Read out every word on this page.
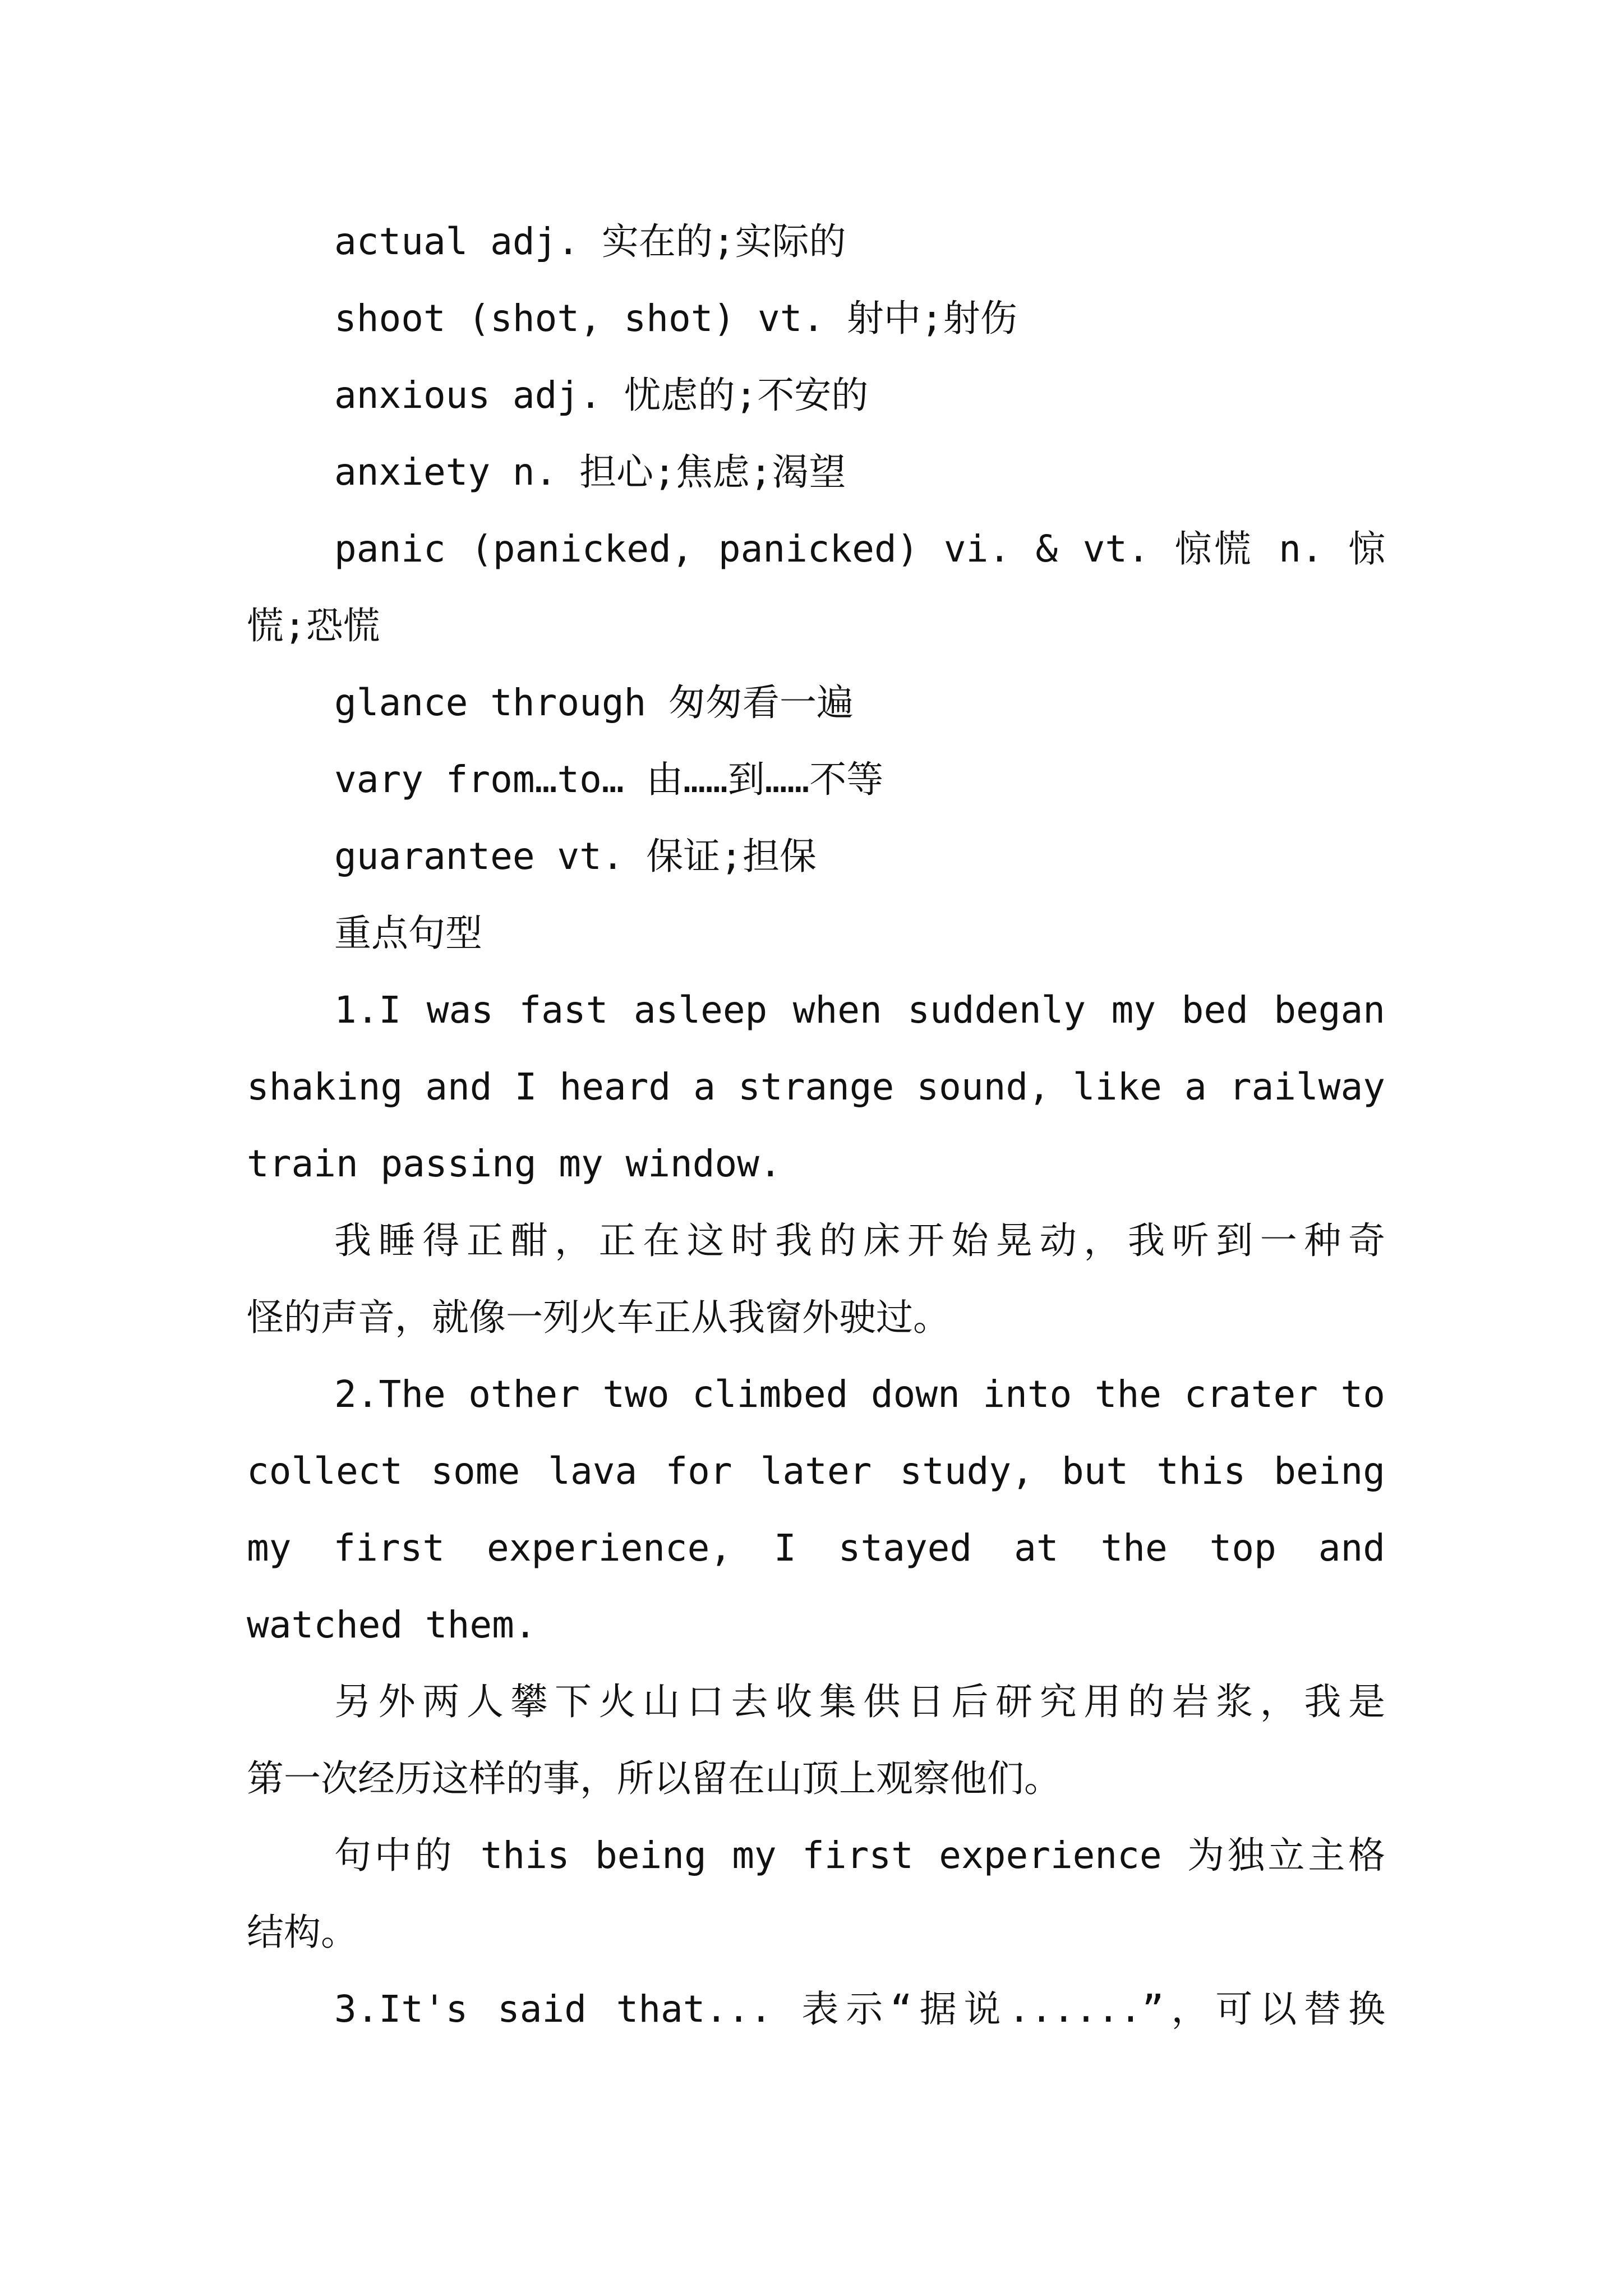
actual adj. 实在的;实际的
shoot (shot, shot) vt. 射中;射伤
anxious adj. 忧虑的;不安的
anxiety n. 担心;焦虑;渴望
panic (panicked, panicked) vi. & vt. 惊慌 n. 惊
慌;恐慌
glance through 匆匆看一遍
vary from…to… 由……到……不等
guarantee vt. 保证;担保
重点句型
1.I was fast asleep when suddenly my bed began
shaking and I heard a strange sound, like a railway
train passing my window.
我睡得正酣，正在这时我的床开始晃动，我听到一种奇
怪的声音，就像一列火车正从我窗外驶过。
2.The other two climbed down into the crater to
collect some lava for later study, but this being
my first experience, I stayed at the top and
watched them.
另外两人攀下火山口去收集供日后研究用的岩浆，我是
第一次经历这样的事，所以留在山顶上观察他们。
句中的 this being my first experience 为独立主格
结构。
3.It's said that... 表示“据说......”，可以替换
